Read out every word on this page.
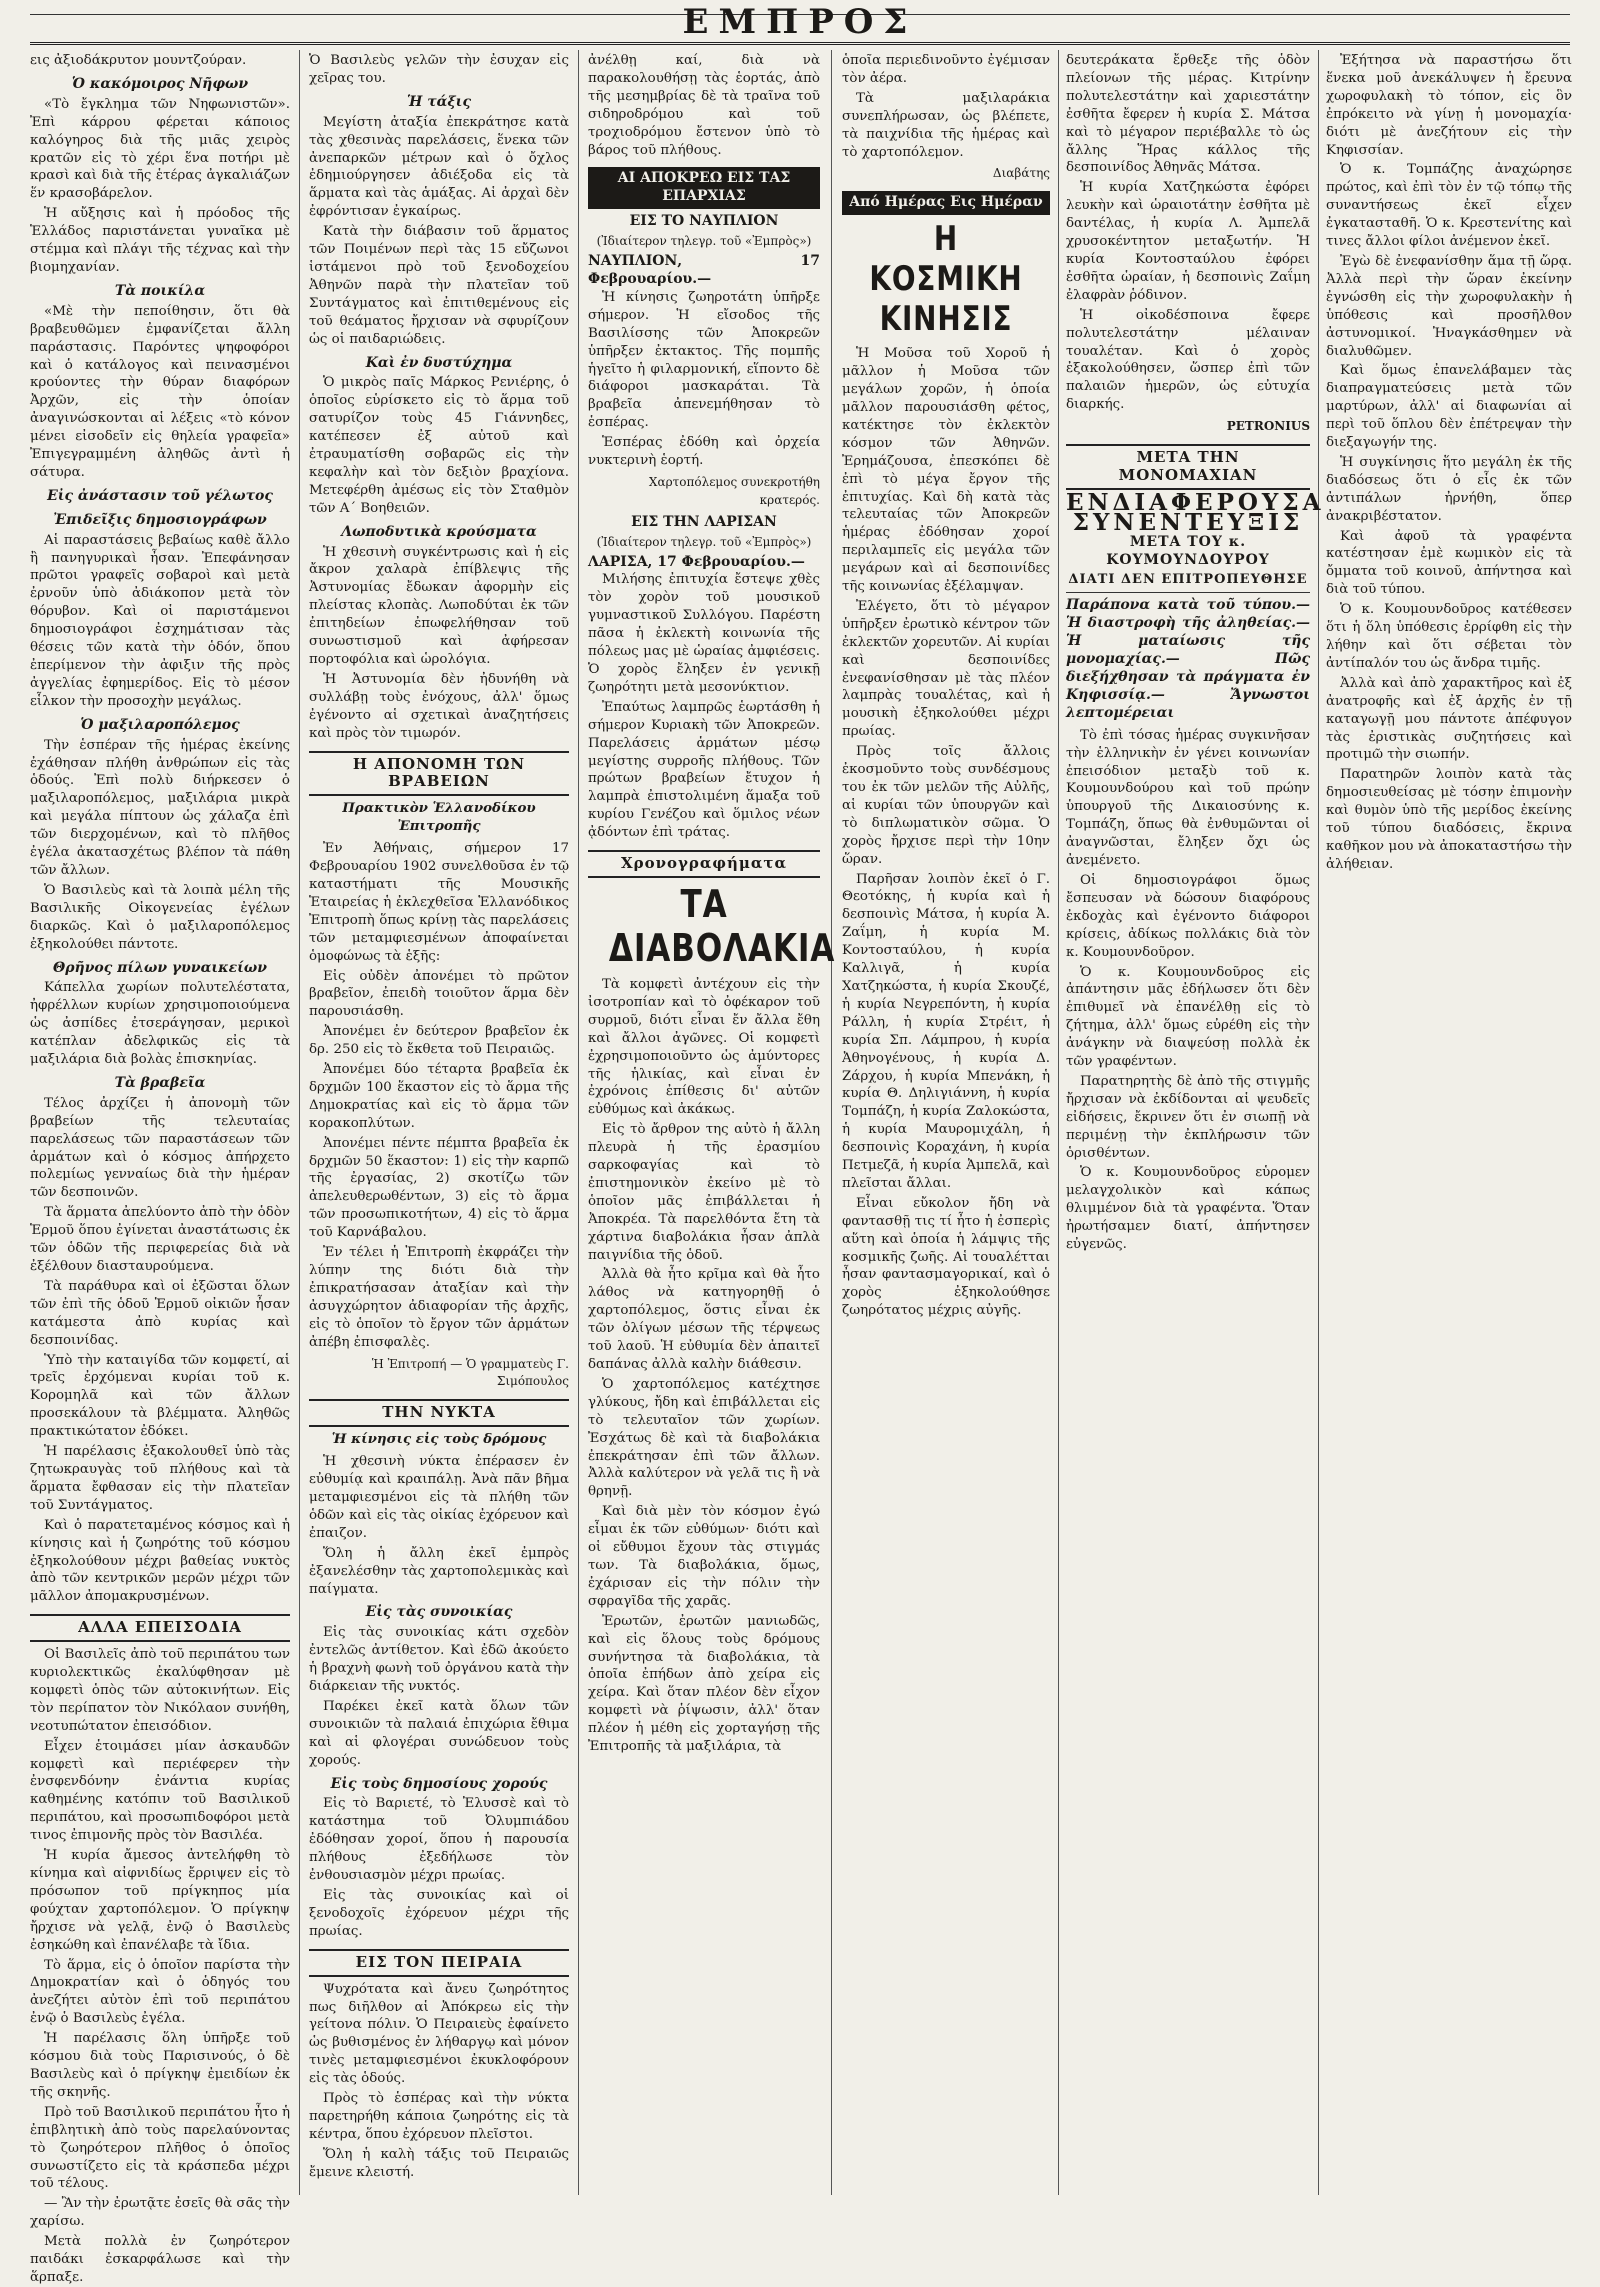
ΕΜΠΡΟΣ

εις ἀξιοδάκρυτον μουντζούραν.

Ὁ κακόμοιρος Νῆφων

«Τὸ ἔγκλημα τῶν Νηφωνιστῶν». Ἐπὶ κάρρου φέρεται κάποιος καλόγηρος διὰ τῆς μιᾶς χειρὸς κρατῶν εἰς τὸ χέρι ἕνα ποτήρι μὲ κρασὶ καὶ διὰ τῆς ἑτέρας ἀγκαλιάζων ἕν κρασοβάρελον.

Ἡ αὔξησις καὶ ἡ πρόοδος τῆς Ἑλλάδος παριστάνεται γυναῖκα μὲ στέμμα καὶ πλάγι τῆς τέχνας καὶ τὴν βιομηχανίαν.

Τὰ ποικίλα

«Μὲ τὴν πεποίθησιν, ὅτι θὰ βραβευθῶμεν ἐμφανίζεται ἄλλη παράστασις. Παρόντες ψηφοφόροι καὶ ὁ κατάλογος καὶ πεινασμένοι κρούοντες τὴν θύραν διαφόρων Ἀρχῶν, εἰς τὴν ὁποίαν ἀναγινώσκονται αἱ λέξεις «τὸ κόνον μένει εἰσοδεῖν εἰς θηλεία γραφεῖα» Ἐπιγεγραμμένη ἀληθῶς ἀντὶ ἡ σάτυρα.

Εἰς ἀνάστασιν τοῦ γέλωτος
Ἐπιδεῖξις δημοσιογράφων

Αἱ παραστάσεις βεβαίως καθὲ ἄλλο ἢ πανηγυρικαὶ ἦσαν. Ἐπεφάνησαν πρῶτοι γραφεῖς σοβαροὶ καὶ μετὰ ἐρνοῦν ὑπὸ ἀδιάκοπον μετὰ τὸν θόρυβον. Καὶ οἱ παριστάμενοι δημοσιογράφοι ἐσχημάτισαν τὰς θέσεις τῶν κατὰ τὴν ὁδόν, ὅπου ἐπερίμενον τὴν ἀφιξιν τῆς πρὸς ἀγγελίας ἐφημερίδος. Εἰς τὸ μέσον εἷλκον τὴν προσοχὴν μεγάλως.

Ὁ μαξιλαροπόλεμος

Τὴν ἑσπέραν τῆς ἡμέρας ἐκείνης ἐχάθησαν πλήθη ἀνθρώπων εἰς τὰς ὁδούς. Ἐπὶ πολὺ διήρκεσεν ὁ μαξιλαροπόλεμος, μαξιλάρια μικρὰ καὶ μεγάλα πίπτουν ὡς χάλαζα ἐπὶ τῶν διερχομένων, καὶ τὸ πλῆθος ἐγέλα ἀκατασχέτως βλέπον τὰ πάθη τῶν ἄλλων.

Ὁ Βασιλεὺς καὶ τὰ λοιπὰ μέλη τῆς Βασιλικῆς Οἰκογενείας ἐγέλων διαρκῶς. Καὶ ὁ μαξιλαροπόλεμος ἐξηκολούθει πάντοτε.

Θρῆνος πίλων γυναικείων

Κάπελλα χωρίων πολυτελέστατα, ἠφρέλλων κυρίων χρησιμοποιούμενα ὡς ἀσπίδες ἐτσεράγησαν, μερικοὶ κατέπλαν ἀδελφικῶς εἰς τὰ μαξιλάρια διὰ βολὰς ἐπισκηνίας.

Τὰ βραβεῖα

Τέλος ἀρχίζει ἡ ἀπονομὴ τῶν βραβείων τῆς τελευταίας παρελάσεως τῶν παραστάσεων τῶν ἁρμάτων καὶ ὁ κόσμος ἀπήρχετο πολεμίως γενναίως διὰ τὴν ἡμέραν τῶν δεσποινῶν.

Τὰ ἅρματα ἀπελύοντο ἀπὸ τὴν ὁδὸν Ἑρμοῦ ὅπου ἐγίνεται ἀναστάτωσις ἐκ τῶν ὁδῶν τῆς περιφερείας διὰ νὰ ἐξέλθουν διασταυρούμενα.

Τὰ παράθυρα καὶ οἱ ἐξῶσται ὅλων τῶν ἐπὶ τῆς ὁδοῦ Ἑρμοῦ οἰκιῶν ἦσαν κατάμεστα ἀπὸ κυρίας καὶ δεσποινίδας.

Ὑπὸ τὴν καταιγίδα τῶν κομφετί, αἱ τρεῖς ἐρχόμεναι κυρίαι τοῦ κ. Κορομηλᾶ καὶ τῶν ἄλλων προσεκάλουν τὰ βλέμματα. Ἀληθῶς πρακτικώτατον ἐδόκει.

Ἡ παρέλασις ἐξακολουθεῖ ὑπὸ τὰς ζητωκραυγὰς τοῦ πλήθους καὶ τὰ ἅρματα ἔφθασαν εἰς τὴν πλατεῖαν τοῦ Συντάγματος.

Καὶ ὁ παρατεταμένος κόσμος καὶ ἡ κίνησις καὶ ἡ ζωηρότης τοῦ κόσμου ἐξηκολούθουν μέχρι βαθείας νυκτὸς ἀπὸ τῶν κεντρικῶν μερῶν μέχρι τῶν μᾶλλον ἀπομακρυσμένων.

ΑΛΛΑ ΕΠΕΙΣΟΔΙΑ

Οἱ Βασιλεῖς ἀπὸ τοῦ περιπάτου των κυριολεκτικῶς ἐκαλύφθησαν μὲ κομφετὶ ὁπὸς τῶν αὐτοκινήτων. Εἰς τὸν περίπατον τὸν Νικόλαον συνήθη, νεοτυπώτατον ἐπεισόδιον.

Εἶχεν ἑτοιμάσει μίαν ἀσκαυδῶν κομφετὶ καὶ περιέφερεν τὴν ἐνσφενδόνην ἐνάντια κυρίας καθημένης κατόπιν τοῦ Βασιλικοῦ περιπάτου, καὶ προσωπιδοφόροι μετὰ τινος ἐπιμονῆς πρὸς τὸν Βασιλέα.

Ἡ κυρία ἄμεσος ἀντελήφθη τὸ κίνημα καὶ αἰφνιδίως ἔρριψεν εἰς τὸ πρόσωπον τοῦ πρίγκηπος μία φούχταν χαρτοπόλεμον. Ὁ πρίγκηψ ἤρχισε νὰ γελᾷ, ἐνῷ ὁ Βασιλεὺς ἐσηκώθη καὶ ἐπανέλαβε τὰ ἴδια.

Τὸ ἅρμα, εἰς ὁ ὁποῖον παρίστα τὴν Δημοκρατίαν καὶ ὁ ὁδηγός του ἀνεζήτει αὐτὸν ἐπὶ τοῦ περιπάτου ἐνῷ ὁ Βασιλεὺς ἐγέλα.

Ἡ παρέλασις ὅλη ὑπῆρξε τοῦ κόσμου διὰ τοὺς Παρισινούς, ὁ δὲ Βασιλεὺς καὶ ὁ πρίγκηψ ἐμειδίων ἐκ τῆς σκηνῆς.

Πρὸ τοῦ Βασιλικοῦ περιπάτου ἦτο ἡ ἐπιβλητικὴ ἀπὸ τοὺς παρελαύνοντας τὸ ζωηρότερον πλῆθος ὁ ὁποῖος συνωστίζετο εἰς τὰ κράσπεδα μέχρι τοῦ τέλους.

— Ἂν τὴν ἐρωτᾷτε ἐσεῖς θὰ σᾶς τὴν χαρίσω.

Μετὰ πολλὰ ἐν ζωηρότερον παιδάκι ἐσκαρφάλωσε καὶ τὴν ἅρπαξε.

Ὁ Βασιλεὺς γελῶν τὴν ἐσυχαν εἰς χεῖρας του.

Ἡ τάξις

Μεγίστη ἀταξία ἐπεκράτησε κατὰ τὰς χθεσινὰς παρελάσεις, ἕνεκα τῶν ἀνεπαρκῶν μέτρων καὶ ὁ ὄχλος ἐδημιούργησεν ἀδιέξοδα εἰς τὰ ἅρματα καὶ τὰς ἁμάξας. Αἱ ἀρχαὶ δὲν ἐφρόντισαν ἐγκαίρως.

Κατὰ τὴν διάβασιν τοῦ ἅρματος τῶν Ποιμένων περὶ τὰς 15 εὔζωνοι ἱστάμενοι πρὸ τοῦ ξενοδοχείου Ἀθηνῶν παρὰ τὴν πλατεῖαν τοῦ Συντάγματος καὶ ἐπιτιθεμένους εἰς τοῦ θεάματος ἤρχισαν νὰ σφυρίζουν ὡς οἱ παιδαριώδεις.

Καὶ ἐν δυστύχημα

Ὁ μικρὸς παῖς Μάρκος Ρενιέρης, ὁ ὁποῖος εὑρίσκετο εἰς τὸ ἅρμα τοῦ σατυρίζον τοὺς 45 Γιάννηδες, κατέπεσεν ἐξ αὐτοῦ καὶ ἐτραυματίσθη σοβαρῶς εἰς τὴν κεφαλὴν καὶ τὸν δεξιὸν βραχίονα. Μετεφέρθη ἀμέσως εἰς τὸν Σταθμὸν τῶν Α΄ Βοηθειῶν.

Λωποδυτικὰ κρούσματα

Ἡ χθεσινὴ συγκέντρωσις καὶ ἡ εἰς ἄκρον χαλαρὰ ἐπίβλεψις τῆς Ἀστυνομίας ἔδωκαν ἀφορμὴν εἰς πλείστας κλοπὰς. Λωποδύται ἐκ τῶν ἐπιτηδείων ἐπωφελήθησαν τοῦ συνωστισμοῦ καὶ ἀφήρεσαν πορτοφόλια καὶ ὡρολόγια.

Ἡ Ἀστυνομία δὲν ἠδυνήθη νὰ συλλάβῃ τοὺς ἐνόχους, ἀλλ' ὅμως ἐγένοντο αἱ σχετικαὶ ἀναζητήσεις καὶ πρὸς τὸν τιμωρόν.

Η ΑΠΟΝΟΜΗ ΤΩΝ ΒΡΑΒΕΙΩΝ
Πρακτικὸν Ἑλλανοδίκου Ἐπιτροπῆς

Ἐν Ἀθήναις, σήμερον 17 Φεβρουαρίου 1902 συνελθοῦσα ἐν τῷ καταστήματι τῆς Μουσικῆς Ἑταιρείας ἡ ἐκλεχθεῖσα Ἑλλανόδικος Ἐπιτροπὴ ὅπως κρίνῃ τὰς παρελάσεις τῶν μεταμφιεσμένων ἀποφαίνεται ὁμοφώνως τὰ ἑξῆς:

Εἰς οὐδὲν ἀπονέμει τὸ πρῶτον βραβεῖον, ἐπειδὴ τοιοῦτον ἅρμα δὲν παρουσιάσθη.

Ἀπονέμει ἐν δεύτερον βραβεῖον ἐκ δρ. 250 εἰς τὸ ἔκθετα τοῦ Πειραιῶς.

Ἀπονέμει δύο τέταρτα βραβεῖα ἐκ δρχμῶν 100 ἕκαστον εἰς τὸ ἅρμα τῆς Δημοκρατίας καὶ εἰς τὸ ἅρμα τῶν κορακοπλύτων.

Ἀπονέμει πέντε πέμπτα βραβεῖα ἐκ δρχμῶν 50 ἕκαστον: 1) εἰς τὴν καρπῶ τῆς ἐργασίας, 2) σκοτίζω τῶν ἀπελευθερωθέντων, 3) εἰς τὸ ἅρμα τῶν προσωπικοτήτων, 4) εἰς τὸ ἅρμα τοῦ Καρνάβαλου.

Ἐν τέλει ἡ Ἐπιτροπὴ ἐκφράζει τὴν λύπην της διότι διὰ τὴν ἐπικρατήσασαν ἀταξίαν καὶ τὴν ἀσυγχώρητον ἀδιαφορίαν τῆς ἀρχῆς, εἰς τὸ ὁποῖον τὸ ἔργον τῶν ἁρμάτων ἀπέβη ἐπισφαλὲς.

Ἡ Ἐπιτροπή — Ὁ γραμματεὺς Γ. Σιμόπουλος
ΤΗΝ ΝΥΚΤΑ
Ἡ κίνησις εἰς τοὺς δρόμους

Ἡ χθεσινὴ νύκτα ἐπέρασεν ἐν εὐθυμίᾳ καὶ κραιπάλῃ. Ἀνὰ πᾶν βῆμα μεταμφιεσμένοι εἰς τὰ πλήθη τῶν ὁδῶν καὶ εἰς τὰς οἰκίας ἐχόρευον καὶ ἐπαιζον.

Ὅλη ἡ ἄλλη ἐκεῖ ἐμπρὸς ἐξανελέσθην τὰς χαρτοπολεμικὰς καὶ παίγματα.

Εἰς τὰς συνοικίας

Εἰς τὰς συνοικίας κάτι σχεδὸν ἐντελῶς ἀντίθετον. Καὶ ἐδῶ ἀκούετο ἡ βραχνὴ φωνὴ τοῦ ὀργάνου κατὰ τὴν διάρκειαν τῆς νυκτός.

Παρέκει ἐκεῖ κατὰ ὅλων τῶν συνοικιῶν τὰ παλαιά ἐπιχώρια ἔθιμα καὶ αἱ φλογέραι συνώδευον τοὺς χορούς.

Εἰς τοὺς δημοσίους χορούς

Εἰς τὸ Βαριετέ, τὸ Ἐλυσσὲ καὶ τὸ κατάστημα τοῦ Ὀλυμπιάδου ἐδόθησαν χοροί, ὅπου ἡ παρουσία πλήθους ἐξεδήλωσε τὸν ἐνθουσιασμὸν μέχρι πρωίας.

Εἰς τὰς συνοικίας καὶ οἱ ξενοδοχοῖς ἐχόρευον μέχρι τῆς πρωίας.

ΕΙΣ ΤΟΝ ΠΕΙΡΑΙΑ

Ψυχρότατα καὶ ἄνευ ζωηρότητος πως διῆλθον αἱ Ἀπόκρεω εἰς τὴν γείτονα πόλιν. Ὁ Πειραιεὺς ἐφαίνετο ὡς βυθισμένος ἐν λήθαργῳ καὶ μόνον τινὲς μεταμφιεσμένοι ἐκυκλοφόρουν εἰς τὰς ὁδούς.

Πρὸς τὸ ἑσπέρας καὶ τὴν νύκτα παρετηρήθη κάποια ζωηρότης εἰς τὰ κέντρα, ὅπου ἐχόρευον πλεῖστοι.

Ὅλη ἡ καλὴ τάξις τοῦ Πειραιῶς ἔμεινε κλειστή.

ἀνέλθῃ καί, διὰ νὰ παρακολουθήσῃ τὰς ἑορτάς, ἀπὸ τῆς μεσημβρίας δὲ τὰ τραῖνα τοῦ σιδηροδρόμου καὶ τοῦ τροχιοδρόμου ἔστενον ὑπὸ τὸ βάρος τοῦ πλήθους.

ΑΙ ΑΠΟΚΡΕΩ ΕΙΣ ΤΑΣ ΕΠΑΡΧΙΑΣ
ΕΙΣ ΤΟ ΝΑΥΠΛΙΟΝ
(Ἰδιαίτερον τηλεγρ. τοῦ «Ἐμπρὸς»)
ΝΑΥΠΛΙΟΝ, 17 Φεβρουαρίου.—

Ἡ κίνησις ζωηροτάτη ὑπῆρξε σήμερον. Ἡ εἴσοδος τῆς Βασιλίσσης τῶν Ἀποκρεῶν ὑπῆρξεν ἐκτακτος. Τῆς πομπῆς ἡγεῖτο ἡ φιλαρμονική, εἵποντο δὲ διάφοροι μασκαράται. Τὰ βραβεῖα ἀπενεμήθησαν τὸ ἑσπέρας.

Ἑσπέρας ἐδόθη καὶ ὀρχεία νυκτερινὴ ἑορτή.

Χαρτοπόλεμος συνεκροτήθη κρατερός.
ΕΙΣ ΤΗΝ ΛΑΡΙΣΑΝ
(Ἰδιαίτερον τηλεγρ. τοῦ «Ἐμπρὸς»)
ΛΑΡΙΣΑ, 17 Φεβρουαρίου.—

Μιλήσης ἐπιτυχία ἔστεψε χθὲς τὸν χορὸν τοῦ μουσικοῦ γυμναστικοῦ Συλλόγου. Παρέστη πᾶσα ἡ ἐκλεκτὴ κοινωνία τῆς πόλεως μας μὲ ὡραίας ἀμφιέσεις. Ὁ χορὸς ἔληξεν ἐν γενικῇ ζωηρότητι μετὰ μεσονύκτιον.

Ἐπαύτως λαμπρῶς ἑωρτάσθη ἡ σήμερον Κυριακὴ τῶν Ἀποκρεῶν. Παρελάσεις ἁρμάτων μέσῳ μεγίστης συρροῆς πλήθους. Τῶν πρώτων βραβείων ἔτυχον ἡ λαμπρὰ ἐπιστολιμένη ἅμαξα τοῦ κυρίου Γενέζου καὶ ὅμιλος νέων ᾀδόντων ἐπὶ τράτας.

Χρονογραφήματα
ΤΑ ΔΙΑΒΟΛΑΚΙΑ

Τὰ κομφετὶ ἀντέχουν εἰς τὴν ἰσοτροπίαν καὶ τὸ ὀφέκαρον τοῦ συρμοῦ, διότι εἶναι ἔν ἄλλα ἔθη καὶ ἄλλοι ἀγῶνες. Οἱ κομφετὶ ἐχρησιμοποιοῦντο ὡς ἀμύντορες τῆς ἡλικίας, καὶ εἶναι ἐν ἐχρόνοις ἐπίθεσις δι' αὐτῶν εὐθύμως καὶ ἀκάκως.

Εἰς τὸ ἄρθρον της αὐτὸ ἡ ἄλλη πλευρὰ ἡ τῆς ἐρασμίου σαρκοφαγίας καὶ τὸ ἐπιστημονικὸν ἐκείνο μὲ τὸ ὁποῖον μᾶς ἐπιβάλλεται ἡ Ἀποκρέα. Τὰ παρελθόντα ἔτη τὰ χάρτινα διαβολάκια ἦσαν ἀπλὰ παιγνίδια τῆς ὁδοῦ.

Ἀλλὰ θὰ ἦτο κρῖμα καὶ θὰ ἦτο λάθος νὰ κατηγορηθῇ ὁ χαρτοπόλεμος, ὅστις εἶναι ἐκ τῶν ὀλίγων μέσων τῆς τέρψεως τοῦ λαοῦ. Ἡ εὐθυμία δὲν ἀπαιτεῖ δαπάνας ἀλλὰ καλὴν διάθεσιν.

Ὁ χαρτοπόλεμος κατέχτησε γλύκους, ἤδη καὶ ἐπιβάλλεται εἰς τὸ τελευταῖον τῶν χωρίων. Ἐσχάτως δὲ καὶ τὰ διαβολάκια ἐπεκράτησαν ἐπὶ τῶν ἄλλων. Ἀλλὰ καλύτερον νὰ γελᾶ τις ἢ νὰ θρηνῇ.

Καὶ διὰ μὲν τὸν κόσμον ἐγώ εἶμαι ἐκ τῶν εὐθύμων· διότι καὶ οἱ εὔθυμοι ἔχουν τὰς στιγμάς των. Τὰ διαβολάκια, ὅμως, ἐχάρισαν εἰς τὴν πόλιν τὴν σφραγῖδα τῆς χαρᾶς.

Ἐρωτῶν, ἐρωτῶν μανιωδῶς, καὶ εἰς ὅλους τοὺς δρόμους συνήντησα τὰ διαβολάκια, τὰ ὁποῖα ἐπήδων ἀπὸ χείρα εἰς χείρα. Καὶ ὅταν πλέον δὲν εἶχον κομφετὶ νὰ ῥίψωσιν, ἀλλ' ὅταν πλέον ἡ μέθη εἰς χορταγήσῃ τῆς Ἐπιτροπῆς τὰ μαξιλάρια, τὰ

ὁποῖα περιεδινοῦντο ἐγέμισαν τὸν ἀέρα.

Τὰ μαξιλαράκια συνεπλήρωσαν, ὡς βλέπετε, τὰ παιχνίδια τῆς ἡμέρας καὶ τὸ χαρτοπόλεμον.

Διαβάτης
Από Ημέρας Εις Ημέραν
Η ΚΟΣΜΙΚΗ ΚΙΝΗΣΙΣ

Ἡ Μοῦσα τοῦ Χοροῦ ἡ μᾶλλον ἡ Μοῦσα τῶν μεγάλων χορῶν, ἡ ὁποία μᾶλλον παρουσιάσθη φέτος, κατέκτησε τὸν ἐκλεκτὸν κόσμον τῶν Ἀθηνῶν. Ἐρημάζουσα, ἐπεσκόπει δὲ ἐπὶ τὸ μέγα ἔργον τῆς ἐπιτυχίας. Καὶ δὴ κατὰ τὰς τελευταίας τῶν Ἀποκρεῶν ἡμέρας ἐδόθησαν χοροί περιλαμπεῖς εἰς μεγάλα τῶν μεγάρων καὶ αἱ δεσποινίδες τῆς κοινωνίας ἐξέλαμψαν.

Ἐλέγετο, ὅτι τὸ μέγαρον ὑπῆρξεν ἐρωτικὸ κέντρον τῶν ἐκλεκτῶν χορευτῶν. Αἱ κυρίαι καὶ δεσποινίδες ἐνεφανίσθησαν μὲ τὰς πλέον λαμπρὰς τουαλέτας, καὶ ἡ μουσικὴ ἐξηκολούθει μέχρι πρωίας.

Πρὸς τοῖς ἄλλοις ἐκοσμοῦντο τοὺς συνδέσμους του ἐκ τῶν μελῶν τῆς Αὐλῆς, αἱ κυρίαι τῶν ὑπουργῶν καὶ τὸ διπλωματικὸν σῶμα. Ὁ χορὸς ἤρχισε περὶ τὴν 10ην ὥραν.

Παρῆσαν λοιπὸν ἐκεῖ ὁ Γ. Θεοτόκης, ἡ κυρία καὶ ἡ δεσποινὶς Μάτσα, ἡ κυρία Ἀ. Ζαΐμη, ἡ κυρία Μ. Κοντοσταύλου, ἡ κυρία Καλλιγᾶ, ἡ κυρία Χατζηκώστα, ἡ κυρία Σκουζέ, ἡ κυρία Νεγρεπόντη, ἡ κυρία Ράλλη, ἡ κυρία Στρέιτ, ἡ κυρία Σπ. Λάμπρου, ἡ κυρία Ἀθηνογένους, ἡ κυρία Δ. Ζάρχου, ἡ κυρία Μπενάκη, ἡ κυρία Θ. Δηλιγιάννη, ἡ κυρία Τομπάζη, ἡ κυρία Ζαλοκώστα, ἡ κυρία Μαυρομιχάλη, ἡ δεσποινὶς Κοραχάνη, ἡ κυρία Πετμεζᾶ, ἡ κυρία Ἀμπελᾶ, καὶ πλεῖσται ἄλλαι.

Εἶναι εὔκολον ἤδη νὰ φαντασθῇ τις τί ἦτο ἡ ἐσπερὶς αὕτη καὶ ὁποία ἡ λάμψις τῆς κοσμικῆς ζωῆς. Αἱ τουαλέτται ἦσαν φαντασμαγορικαί, καὶ ὁ χορὸς ἐξηκολούθησε ζωηρότατος μέχρις αὐγῆς.

δευτεράκατα ἔρθεξε τῆς ὁδὸν πλείονων τῆς μέρας. Κιτρίνην πολυτελεστάτην καὶ χαριεστάτην ἐσθῆτα ἔφερεν ἡ κυρία Σ. Μάτσα καὶ τὸ μέγαρον περιέβαλλε τὸ ὡς ἄλλης Ἥρας κάλλος τῆς δεσποινίδος Ἀθηνᾶς Μάτσα.

Ἡ κυρία Χατζηκώστα ἐφόρει λευκὴν καὶ ὡραιοτάτην ἐσθῆτα μὲ δαντέλας, ἡ κυρία Λ. Ἀμπελᾶ χρυσοκέντητον μεταξωτήν. Ἡ κυρία Κοντοσταύλου ἐφόρει ἐσθῆτα ὡραίαν, ἡ δεσποινὶς Ζαΐμη ἐλαφρὰν ῥόδινον.

Ἡ οἰκοδέσποινα ἔφερε πολυτελεστάτην μέλαιναν τουαλέταν. Καὶ ὁ χορὸς ἐξακολούθησεν, ὥσπερ ἐπὶ τῶν παλαιῶν ἡμερῶν, ὡς εὐτυχία διαρκής.

PETRONIUS
ΜΕΤΑ ΤΗΝ ΜΟΝΟΜΑΧΙΑΝ
ΕΝΔΙΑΦΕΡΟΥΣΑ
ΣΥΝΕΝΤΕΥΞΙΣ
ΜΕΤΑ ΤΟΥ κ. ΚΟΥΜΟΥΝΔΟΥΡΟΥ
ΔΙΑΤΙ ΔΕΝ ΕΠΙΤΡΟΠΕΥΘΗΣΕ
Παράπονα κατὰ τοῦ τύπου.— Ἡ διαστροφὴ τῆς ἀληθείας.— Ἡ ματαίωσις τῆς μονομαχίας.— Πῶς διεξήχθησαν τὰ πράγματα ἐν Κηφισσίᾳ.— Ἄγνωστοι λεπτομέρειαι

Τὸ ἐπὶ τόσας ἡμέρας συγκινῆσαν τὴν ἑλληνικὴν ἐν γένει κοινωνίαν ἐπεισόδιον μεταξὺ τοῦ κ. Κουμουνδούρου καὶ τοῦ πρώην ὑπουργοῦ τῆς Δικαιοσύνης κ. Τομπάζη, ὅπως θὰ ἐνθυμῶνται οἱ ἀναγνῶσται, ἔληξεν ὄχι ὡς ἀνεμένετο.

Οἱ δημοσιογράφοι ὅμως ἔσπευσαν νὰ δώσουν διαφόρους ἐκδοχὰς καὶ ἐγένοντο διάφοροι κρίσεις, ἀδίκως πολλάκις διὰ τὸν κ. Κουμουνδοῦρον.

Ὁ κ. Κουμουνδοῦρος εἰς ἀπάντησιν μᾶς ἐδήλωσεν ὅτι δὲν ἐπιθυμεῖ νὰ ἐπανέλθῃ εἰς τὸ ζήτημα, ἀλλ' ὅμως εὐρέθη εἰς τὴν ἀνάγκην νὰ διαψεύσῃ πολλὰ ἐκ τῶν γραφέντων.

Παρατηρητὴς δὲ ἀπὸ τῆς στιγμῆς ἤρχισαν νὰ ἐκδίδονται αἱ ψευδεῖς εἰδήσεις, ἔκρινεν ὅτι ἐν σιωπῇ νὰ περιμένῃ τὴν ἐκπλήρωσιν τῶν ὁρισθέντων.

Ὁ κ. Κουμουνδοῦρος εὑρομεν μελαγχολικὸν καὶ κάπως θλιμμένον διὰ τὰ γραφέντα. Ὅταν ἠρωτήσαμεν διατί, ἀπήντησεν εὐγενῶς.

Ἐξήτησα νὰ παραστήσω ὅτι ἕνεκα μοῦ ἀνεκάλυψεν ἡ ἔρευνα χωροφυλακὴ τὸ τόπον, εἰς ὃν ἐπρόκειτο νὰ γίνῃ ἡ μονομαχία· διότι μὲ ἀνεζήτουν εἰς τὴν Κηφισσίαν.

Ὁ κ. Τομπάζης ἀναχώρησε πρώτος, καὶ ἐπὶ τὸν ἐν τῷ τόπῳ τῆς συναντήσεως ἐκεῖ εἶχεν ἐγκατασταθῆ. Ὁ κ. Κρεστενίτης καὶ τινες ἄλλοι φίλοι ἀνέμενον ἐκεῖ.

Ἐγὼ δὲ ἐνεφανίσθην ἅμα τῇ ὥρᾳ. Ἀλλὰ περὶ τὴν ὥραν ἐκείνην ἐγνώσθη εἰς τὴν χωροφυλακὴν ἡ ὑπόθεσις καὶ προσῆλθον ἀστυνομικοί. Ἠναγκάσθημεν νὰ διαλυθῶμεν.

Καὶ ὅμως ἐπανελάβαμεν τὰς διαπραγματεύσεις μετὰ τῶν μαρτύρων, ἀλλ' αἱ διαφωνίαι αἱ περὶ τοῦ ὅπλου δὲν ἐπέτρεψαν τὴν διεξαγωγήν της.

Ἡ συγκίνησις ἥτο μεγάλη ἐκ τῆς διαδόσεως ὅτι ὁ εἷς ἐκ τῶν ἀντιπάλων ἠρνήθη, ὅπερ ἀνακριβέστατον.

Καὶ ἀφοῦ τὰ γραφέντα κατέστησαν ἐμὲ κωμικὸν εἰς τὰ ὄμματα τοῦ κοινοῦ, ἀπήντησα καὶ διὰ τοῦ τύπου.

Ὁ κ. Κουμουνδοῦρος κατέθεσεν ὅτι ἡ ὅλη ὑπόθεσις ἐρρίφθη εἰς τὴν λήθην καὶ ὅτι σέβεται τὸν ἀντίπαλόν του ὡς ἄνδρα τιμῆς.

Ἀλλὰ καὶ ἀπὸ χαρακτῆρος καὶ ἐξ ἀνατροφῆς καὶ ἐξ ἀρχῆς ἐν τῇ καταγωγῇ μου πάντοτε ἀπέφυγον τὰς ἐριστικὰς συζητήσεις καὶ προτιμῶ τὴν σιωπήν.

Παρατηρῶν λοιπὸν κατὰ τὰς δημοσιευθείσας μὲ τόσην ἐπιμονὴν καὶ θυμὸν ὑπὸ τῆς μερίδος ἐκείνης τοῦ τύπου διαδόσεις, ἔκρινα καθῆκον μου νὰ ἀποκαταστήσω τὴν ἀλήθειαν.
